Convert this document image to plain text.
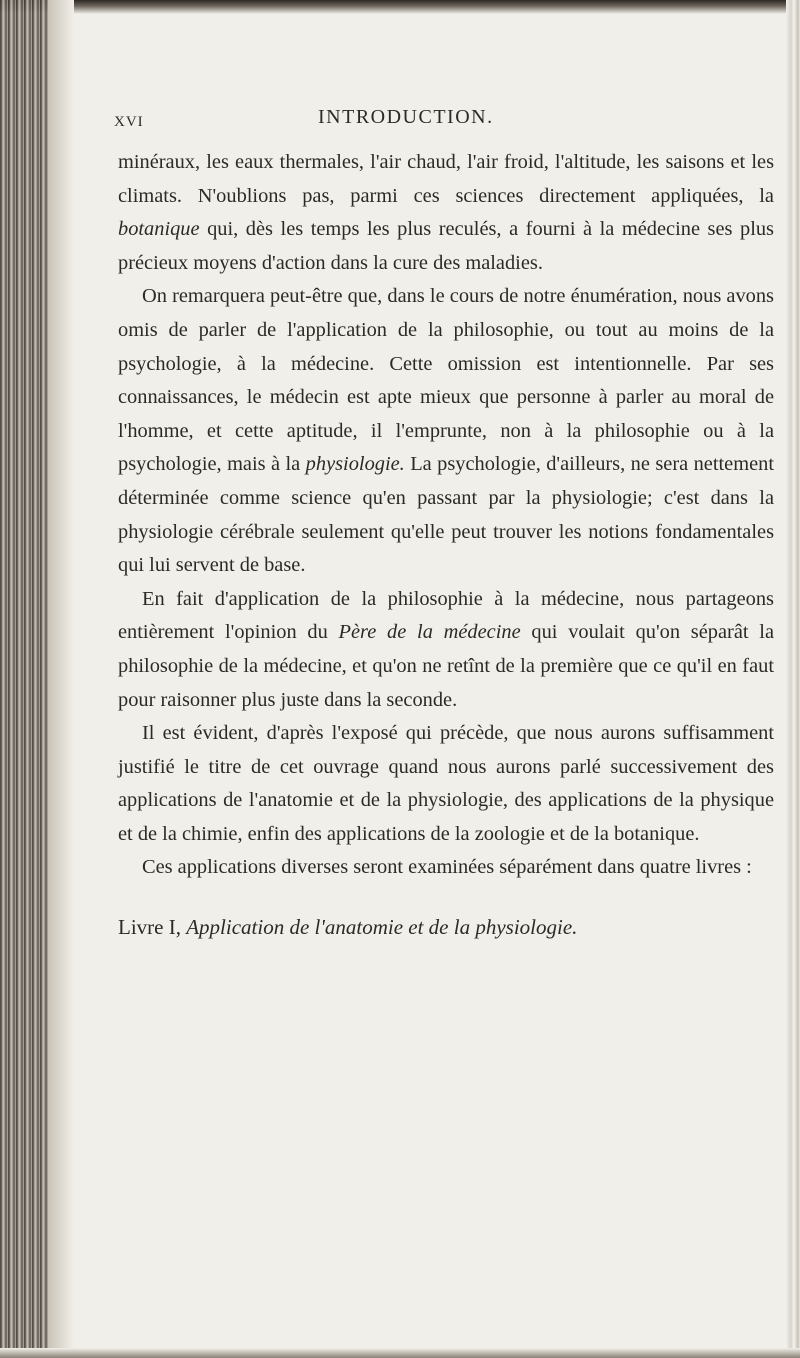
XVI	INTRODUCTION.

minéraux, les eaux thermales, l'air chaud, l'air froid, l'altitude, les saisons et les climats. N'oublions pas, parmi ces sciences directement appliquées, la botanique qui, dès les temps les plus reculés, a fourni à la médecine ses plus précieux moyens d'action dans la cure des maladies.

On remarquera peut-être que, dans le cours de notre énumération, nous avons omis de parler de l'application de la philosophie, ou tout au moins de la psychologie, à la médecine. Cette omission est intentionnelle. Par ses connaissances, le médecin est apte mieux que personne à parler au moral de l'homme, et cette aptitude, il l'emprunte, non à la philosophie ou à la psychologie, mais à la physiologie. La psychologie, d'ailleurs, ne sera nettement déterminée comme science qu'en passant par la physiologie; c'est dans la physiologie cérébrale seulement qu'elle peut trouver les notions fondamentales qui lui servent de base.

En fait d'application de la philosophie à la médecine, nous partageons entièrement l'opinion du Père de la médecine qui voulait qu'on séparât la philosophie de la médecine, et qu'on ne retînt de la première que ce qu'il en faut pour raisonner plus juste dans la seconde.

Il est évident, d'après l'exposé qui précède, que nous aurons suffisamment justifié le titre de cet ouvrage quand nous aurons parlé successivement des applications de l'anatomie et de la physiologie, des applications de la physique et de la chimie, enfin des applications de la zoologie et de la botanique.

Ces applications diverses seront examinées séparément dans quatre livres :

Livre I, Application de l'anatomie et de la physiologie.
